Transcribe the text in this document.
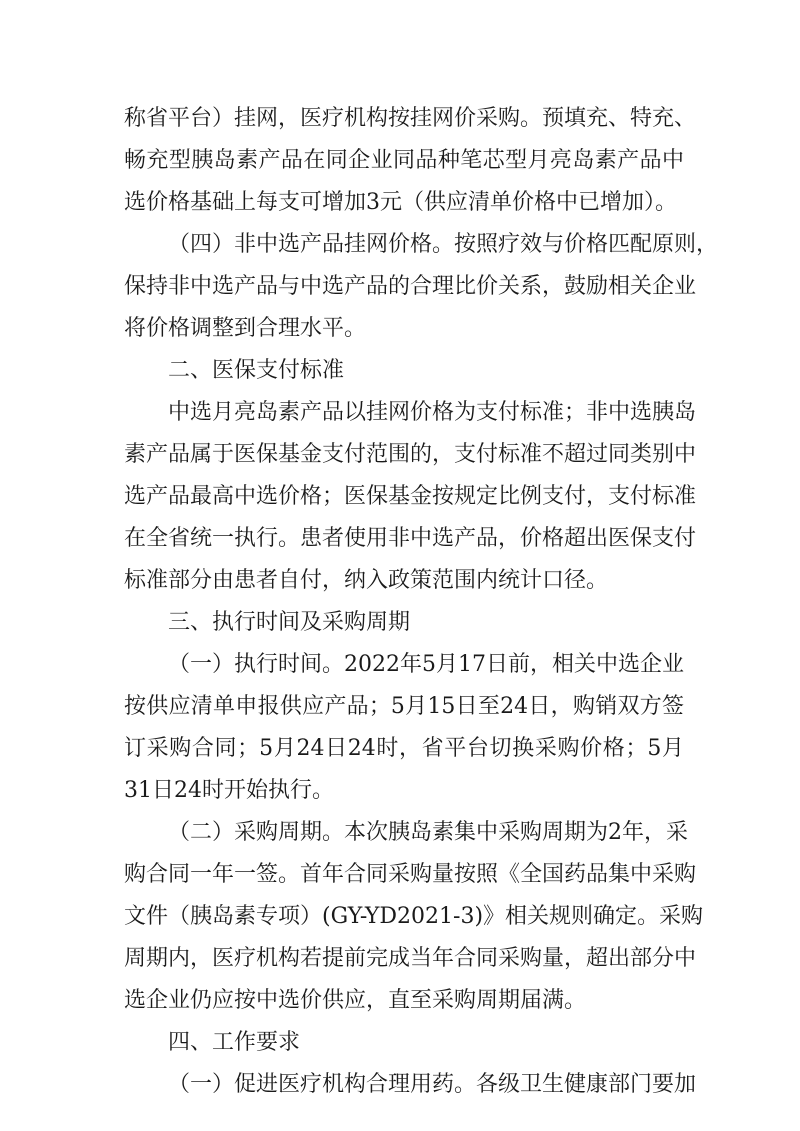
称省平台）挂网，医疗机构按挂网价采购。预填充、特充、
畅充型胰岛素产品在同企业同品种笔芯型月亮岛素产品中
选价格基础上每支可增加3元（供应清单价格中已增加）。
（四）非中选产品挂网价格。按照疗效与价格匹配原则，
保持非中选产品与中选产品的合理比价关系，鼓励相关企业
将价格调整到合理水平。
二、医保支付标准
中选月亮岛素产品以挂网价格为支付标准；非中选胰岛
素产品属于医保基金支付范围的，支付标准不超过同类别中
选产品最高中选价格；医保基金按规定比例支付，支付标准
在全省统一执行。患者使用非中选产品，价格超出医保支付
标准部分由患者自付，纳入政策范围内统计口径。
三、执行时间及采购周期
（一）执行时间。2022年5月17日前，相关中选企业
按供应清单申报供应产品；5月15日至24日，购销双方签
订采购合同；5月24日24时，省平台切换采购价格；5月
31日24时开始执行。
（二）采购周期。本次胰岛素集中采购周期为2年，采
购合同一年一签。首年合同采购量按照《全国药品集中采购
文件（胰岛素专项）(GY-YD2021-3)》相关规则确定。采购
周期内，医疗机构若提前完成当年合同采购量，超出部分中
选企业仍应按中选价供应，直至采购周期届满。
四、工作要求
（一）促进医疗机构合理用药。各级卫生健康部门要加
